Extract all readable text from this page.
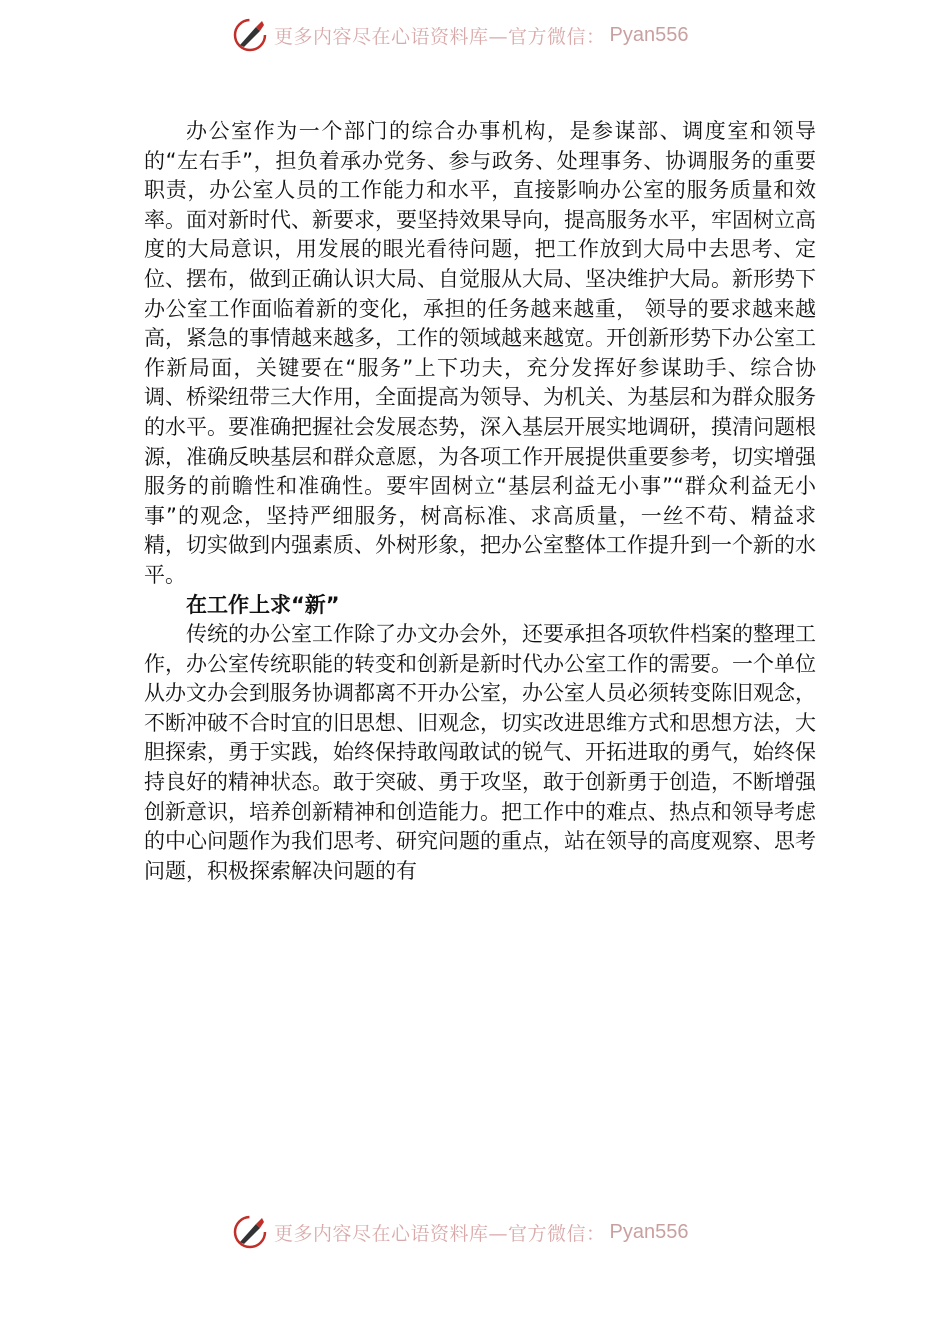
更多内容尽在心语资料库—官方微信： Pyan556

办公室作为一个部门的综合办事机构，是参谋部、调度室和领导的“左右手”，担负着承办党务、参与政务、处理事务、协调服务的重要职责，办公室人员的工作能力和水平，直接影响办公室的服务质量和效率。面对新时代、新要求，要坚持效果导向，提高服务水平，牢固树立高度的大局意识，用发展的眼光看待问题，把工作放到大局中去思考、定位、摆布，做到正确认识大局、自觉服从大局、坚决维护大局。新形势下办公室工作面临着新的变化，承担的任务越来越重， 领导的要求越来越高，紧急的事情越来越多，工作的领域越来越宽。开创新形势下办公室工作新局面，关键要在“服务”上下功夫，充分发挥好参谋助手、综合协调、桥梁纽带三大作用，全面提高为领导、为机关、为基层和为群众服务的水平。要准确把握社会发展态势，深入基层开展实地调研，摸清问题根源，准确反映基层和群众意愿，为各项工作开展提供重要参考，切实增强服务的前瞻性和准确性。要牢固树立“基层利益无小事”“群众利益无小事”的观念，坚持严细服务，树高标准、求高质量，一丝不苟、精益求精，切实做到内强素质、外树形象，把办公室整体工作提升到一个新的水平。

在工作上求“新”

传统的办公室工作除了办文办会外，还要承担各项软件档案的整理工作，办公室传统职能的转变和创新是新时代办公室工作的需要。一个单位从办文办会到服务协调都离不开办公室，办公室人员必须转变陈旧观念，不断冲破不合时宜的旧思想、旧观念，切实改进思维方式和思想方法，大胆探索，勇于实践，始终保持敢闯敢试的锐气、开拓进取的勇气，始终保持良好的精神状态。敢于突破、勇于攻坚，敢于创新勇于创造，不断增强创新意识，培养创新精神和创造能力。把工作中的难点、热点和领导考虑的中心问题作为我们思考、研究问题的重点，站在领导的高度观察、思考问题，积极探索解决问题的有

更多内容尽在心语资料库—官方微信： Pyan556
